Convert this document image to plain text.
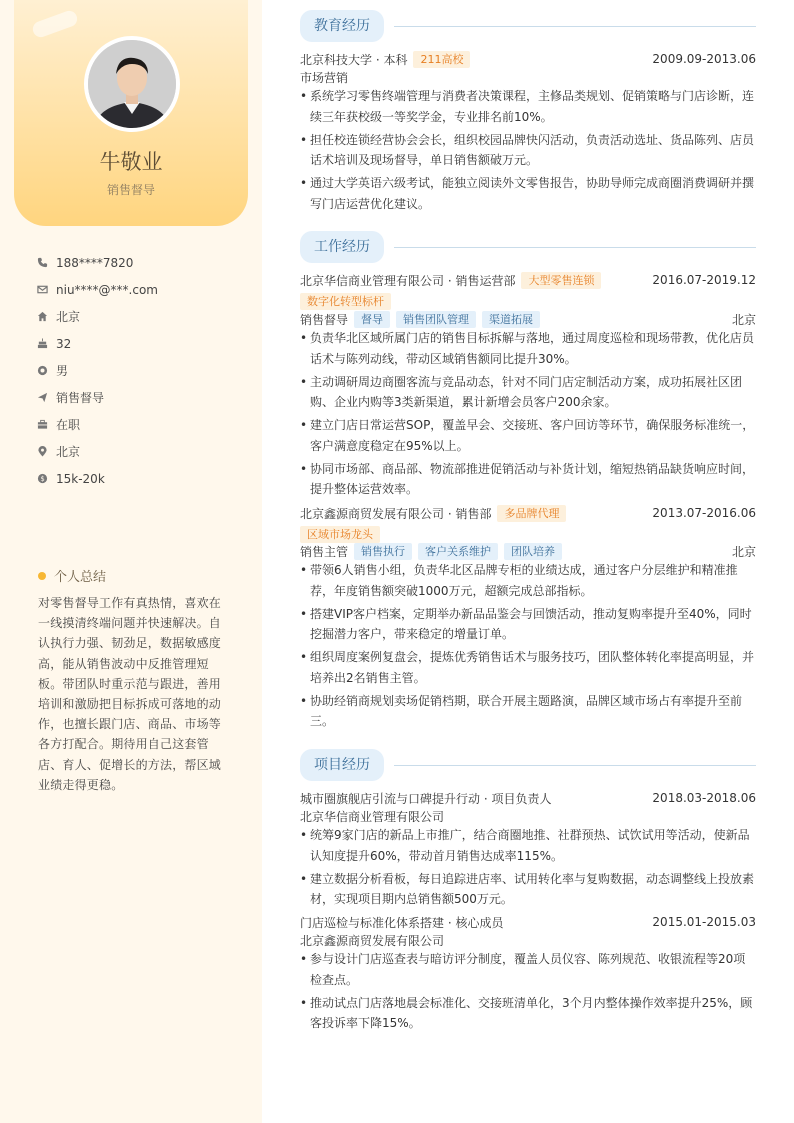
牛敬业
销售督导
188****7820
niu****@***.com
北京
32
男
销售督导
在职
北京
$ 15k-20k
个人总结
对零售督导工作有真热情，喜欢在一线摸清终端问题并快速解决。自认执行力强、韧劲足，数据敏感度高，能从销售波动中反推管理短板。带团队时重示范与跟进，善用培训和激励把目标拆成可落地的动作，也擅长跟门店、商品、市场等各方打配合。期待用自己这套管店、育人、促增长的方法，帮区域业绩走得更稳。
教育经历
北京科技大学 · 本科	211高校	2009.09-2013.06
市场营销
• 系统学习零售终端管理与消费者决策课程，主修品类规划、促销策略与门店诊断，连续三年获校级一等奖学金，专业排名前10%。
• 担任校连锁经营协会会长，组织校园品牌快闪活动，负责活动选址、货品陈列、店员话术培训及现场督导，单日销售额破万元。
• 通过大学英语六级考试，能独立阅读外文零售报告，协助导师完成商圈消费调研并撰写门店运营优化建议。
工作经历
北京华信商业管理有限公司 · 销售运营部	大型零售连锁	2016.07-2019.12
数字化转型标杆
销售督导	督导	销售团队管理	渠道拓展	北京
• 负责华北区域所属门店的销售目标拆解与落地，通过周度巡检和现场带教，优化店员话术与陈列动线，带动区域销售额同比提升30%。
• 主动调研周边商圈客流与竞品动态，针对不同门店定制活动方案，成功拓展社区团购、企业内购等3类新渠道，累计新增会员客户200余家。
• 建立门店日常运营SOP，覆盖早会、交接班、客户回访等环节，确保服务标准统一，客户满意度稳定在95%以上。
• 协同市场部、商品部、物流部推进促销活动与补货计划，缩短热销品缺货响应时间，提升整体运营效率。
北京鑫源商贸发展有限公司 · 销售部	多品牌代理	2013.07-2016.06
区域市场龙头
销售主管	销售执行	客户关系维护	团队培养	北京
• 带领6人销售小组，负责华北区品牌专柜的业绩达成，通过客户分层维护和精准推荐，年度销售额突破1000万元，超额完成总部指标。
• 搭建VIP客户档案，定期举办新品品鉴会与回馈活动，推动复购率提升至40%，同时挖掘潜力客户，带来稳定的增量订单。
• 组织周度案例复盘会，提炼优秀销售话术与服务技巧，团队整体转化率提高明显，并培养出2名销售主管。
• 协助经销商规划卖场促销档期，联合开展主题路演，品牌区域市场占有率提升至前三。
项目经历
城市圈旗舰店引流与口碑提升行动 · 项目负责人	2018.03-2018.06
北京华信商业管理有限公司
• 统筹9家门店的新品上市推广，结合商圈地推、社群预热、试饮试用等活动，使新品认知度提升60%，带动首月销售达成率115%。
• 建立数据分析看板，每日追踪进店率、试用转化率与复购数据，动态调整线上投放素材，实现项目期内总销售额500万元。
门店巡检与标准化体系搭建 · 核心成员	2015.01-2015.03
北京鑫源商贸发展有限公司
• 参与设计门店巡查表与暗访评分制度，覆盖人员仪容、陈列规范、收银流程等20项检查点。
• 推动试点门店落地晨会标准化、交接班清单化，3个月内整体操作效率提升25%，顾客投诉率下降15%。
